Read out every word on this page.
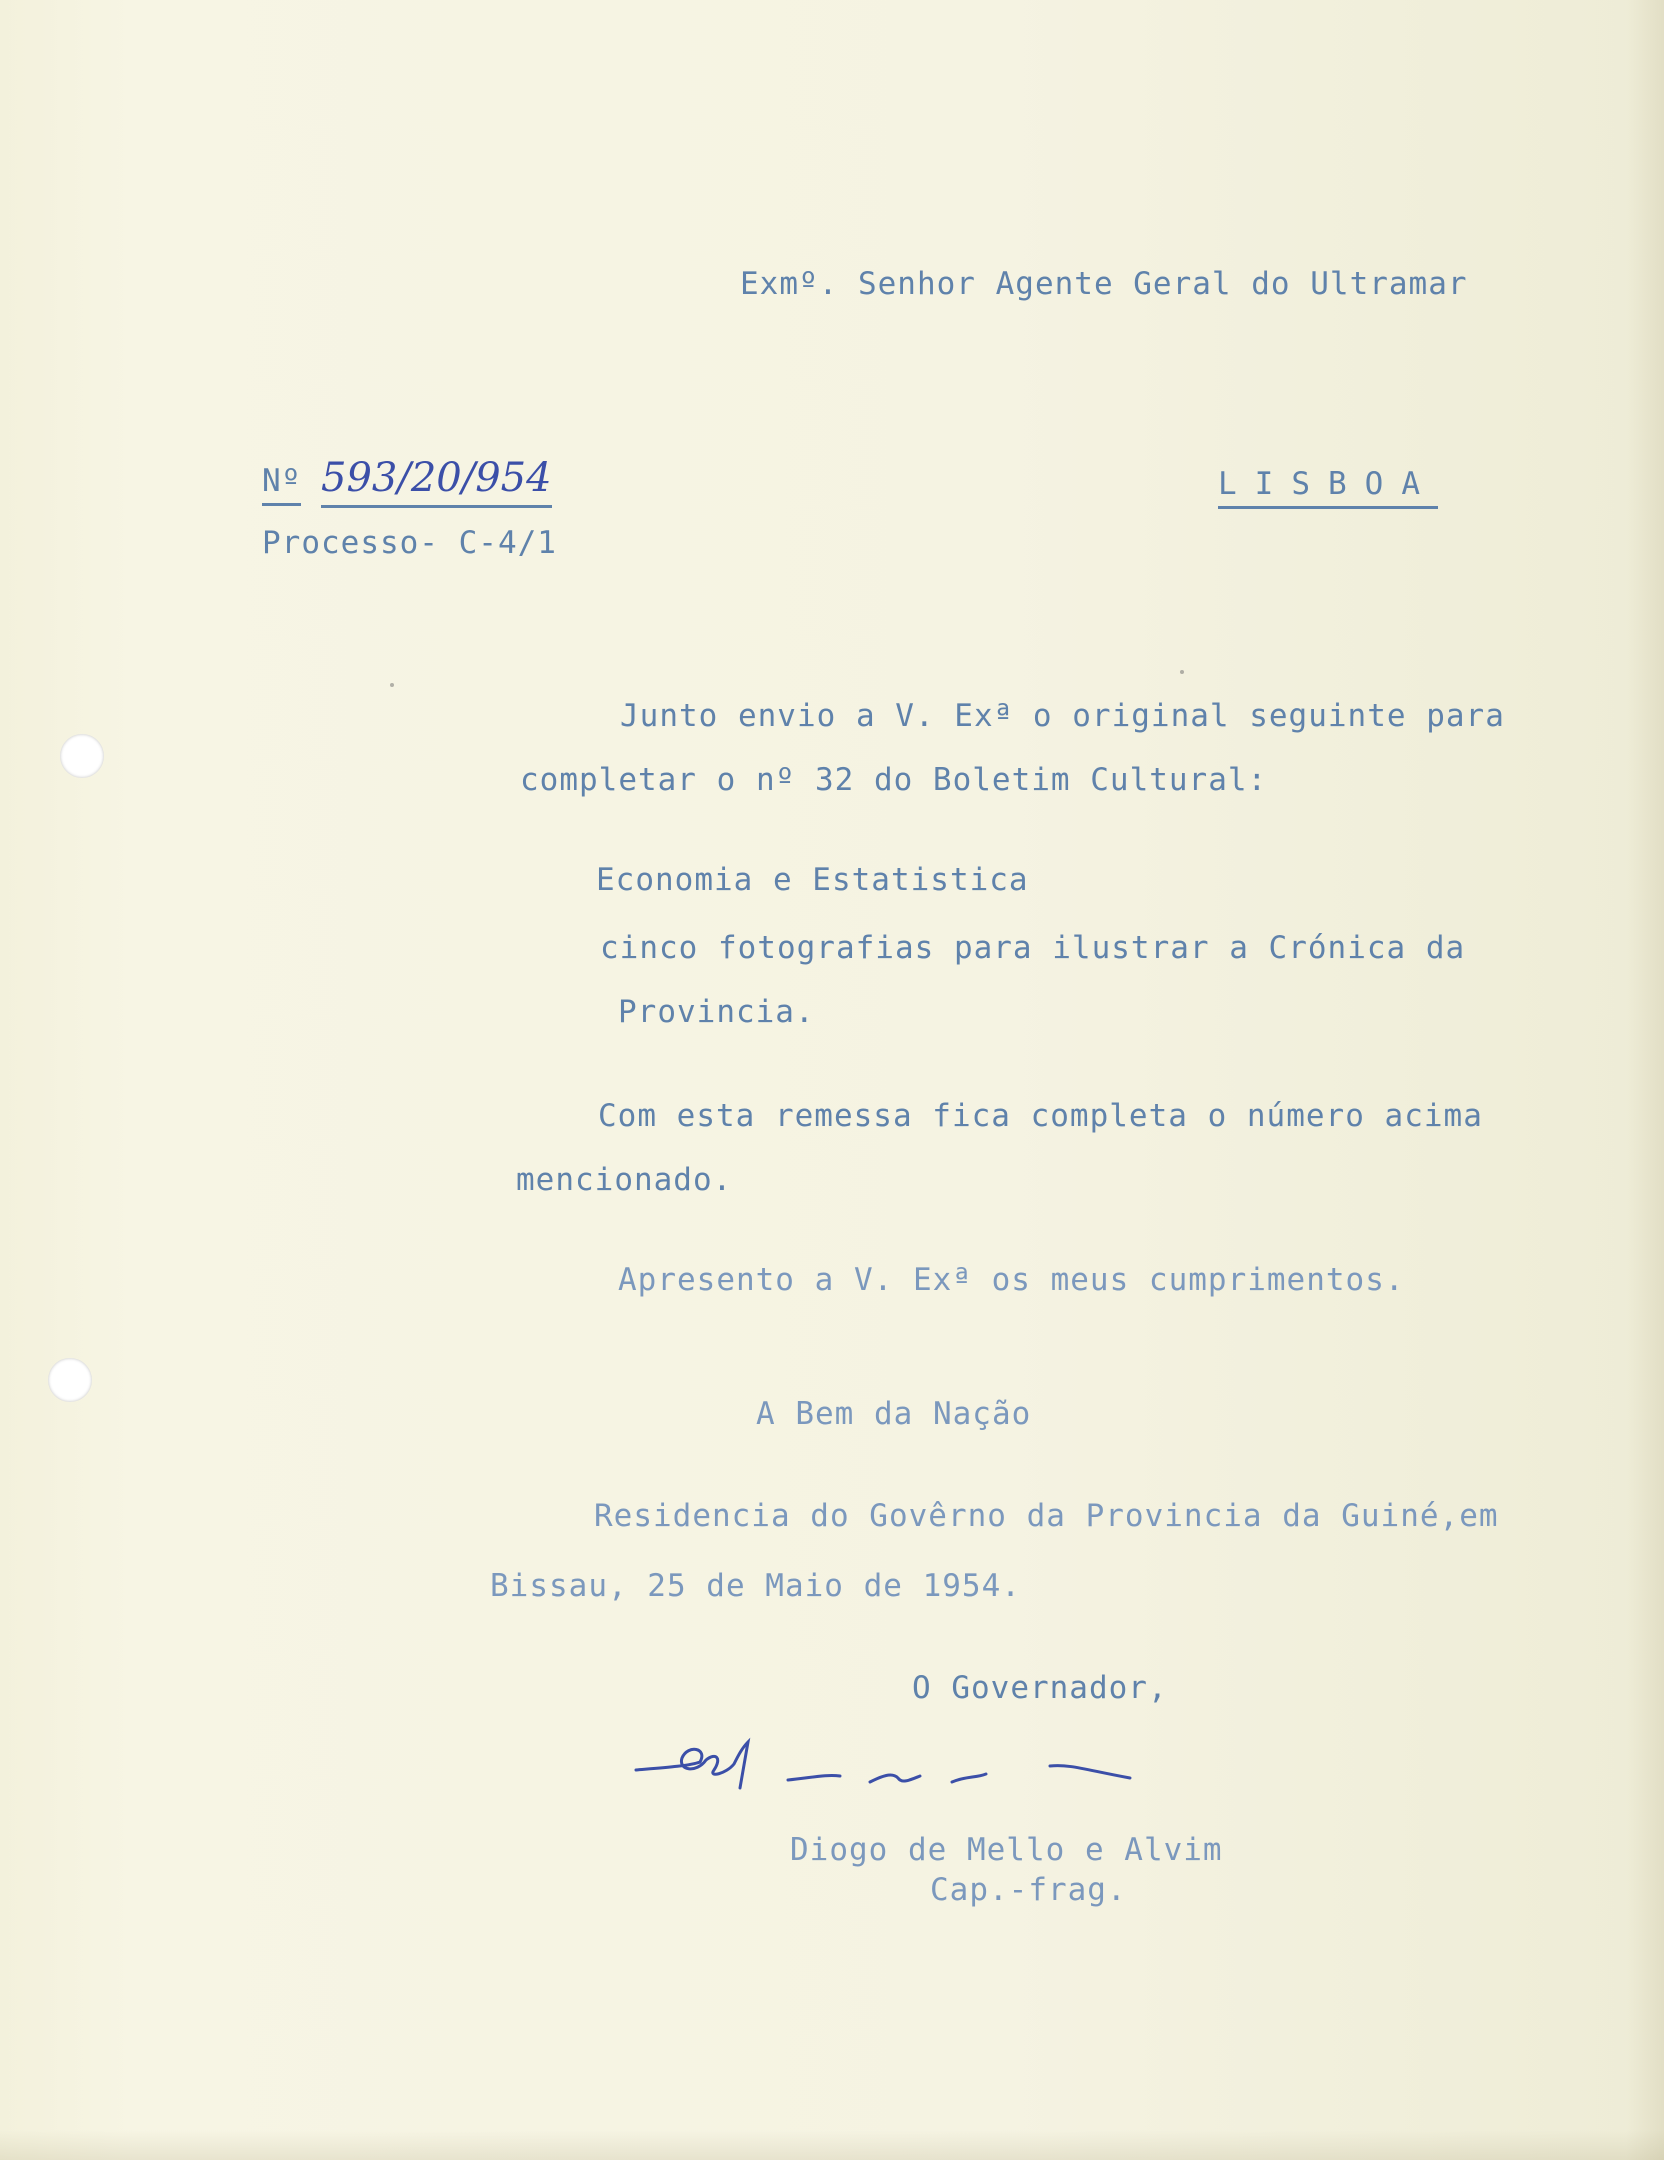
Exmº. Senhor Agente Geral do Ultramar
Nº 593/20/954	LISBOA
Processo- C-4/1
Junto envio a V. Exª o original seguinte para
completar o nº 32 do Boletim Cultural:
Economia e Estatistica
cinco fotografias para ilustrar a Crónica da
Provincia.
Com esta remessa fica completa o número acima
mencionado.
Apresento a V. Exª os meus cumprimentos.
A Bem da Nação
Residencia do Govêrno da Provincia da Guiné,em
Bissau, 25 de Maio de 1954.
O Governador,
Diogo de Mello e Alvim
Cap.-frag.
